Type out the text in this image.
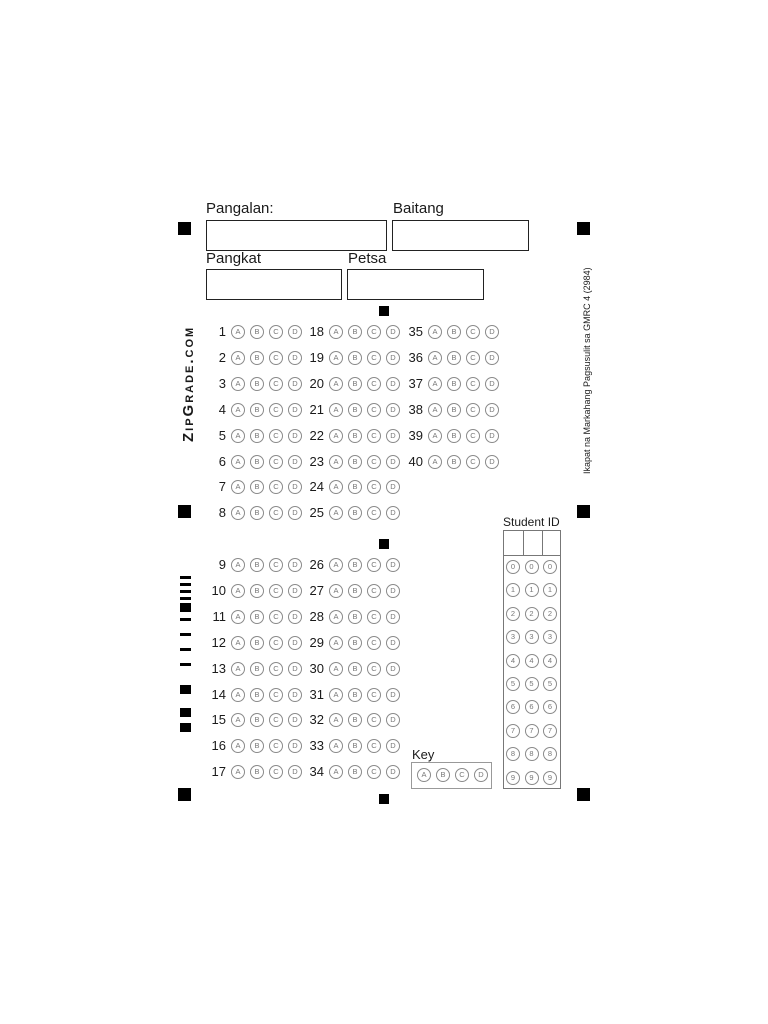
Pangalan:	Baitang
Pangkat	Petsa
ZipGrade.com	Ikapat na Markahang Pagsusulit sa GMRC 4 (2984)
1	A	B	C	D 18	A	B	C	D 35	A	B	C	D
2	A	B	C	D 19	A	B	C	D 36	A	B	C	D
3	A	B	C	D 20	A	B	C	D 37	A	B	C	D
4	A	B	C	D 21	A	B	C	D 38	A	B	C	D
5	A	B	C	D 22	A	B	C	D 39	A	B	C	D
6	A	B	C	D 23	A	B	C	D 40	A	B	C	D
7	A	B	C	D 24	A	B	C	D
8	A	B	C	D 25	A	B	C	D
9	A	B	C	D 26	A	B	C	D
10	A	B	C	D 27	A	B	C	D
11	A	B	C	D 28	A	B	C	D
12	A	B	C	D 29	A	B	C	D
13	A	B	C	D 30	A	B	C	D
14	A	B	C	D 31	A	B	C	D
15	A	B	C	D 32	A	B	C	D
16	A	B	C	D 33	A	B	C	D
17	A	B	C	D 34	A	B	C	D
Key
A	B	C	D
Student ID
0	0	0
1	1	1
2	2	2
3	3	3
4	4	4
5	5	5
6	6	6
7	7	7
8	8	8
9	9	9
